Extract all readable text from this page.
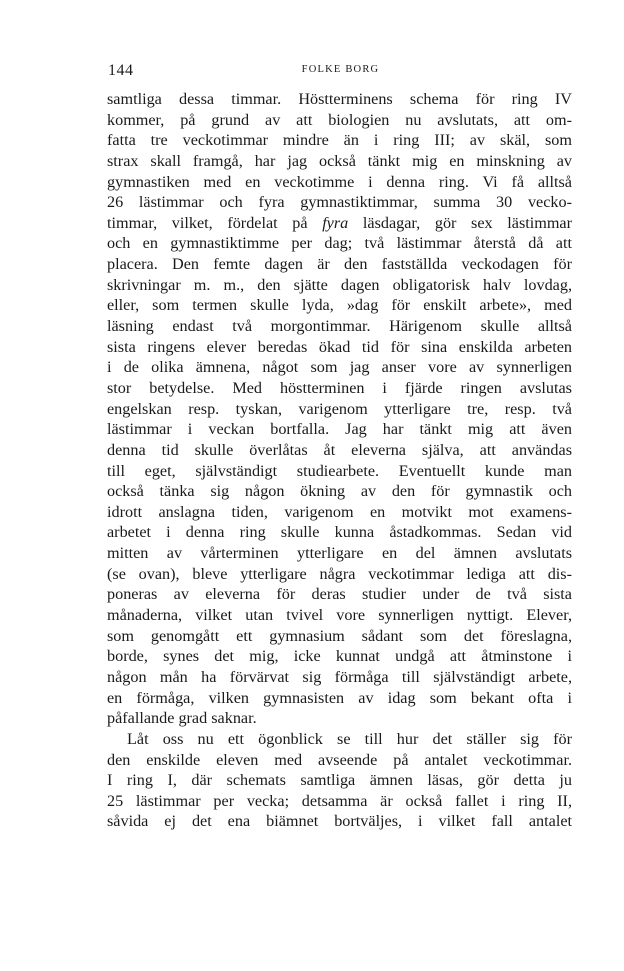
144	FOLKE BORG
samtliga dessa timmar. Höstterminens schema för ring IV
kommer, på grund av att biologien nu avslutats, att om-
fatta tre veckotimmar mindre än i ring III; av skäl, som
strax skall framgå, har jag också tänkt mig en minskning av
gymnastiken med en veckotimme i denna ring. Vi få alltså
26 lästimmar och fyra gymnastiktimmar, summa 30 vecko-
timmar, vilket, fördelat på fyra läsdagar, gör sex lästimmar
och en gymnastiktimme per dag; två lästimmar återstå då att
placera. Den femte dagen är den fastställda veckodagen för
skrivningar m. m., den sjätte dagen obligatorisk halv lovdag,
eller, som termen skulle lyda, »dag för enskilt arbete», med
läsning endast två morgontimmar. Härigenom skulle alltså
sista ringens elever beredas ökad tid för sina enskilda arbeten
i de olika ämnena, något som jag anser vore av synnerligen
stor betydelse. Med höstterminen i fjärde ringen avslutas
engelskan resp. tyskan, varigenom ytterligare tre, resp. två
lästimmar i veckan bortfalla. Jag har tänkt mig att även
denna tid skulle överlåtas åt eleverna själva, att användas
till eget, självständigt studiearbete. Eventuellt kunde man
också tänka sig någon ökning av den för gymnastik och
idrott anslagna tiden, varigenom en motvikt mot examens-
arbetet i denna ring skulle kunna åstadkommas. Sedan vid
mitten av vårterminen ytterligare en del ämnen avslutats
(se ovan), bleve ytterligare några veckotimmar lediga att dis-
poneras av eleverna för deras studier under de två sista
månaderna, vilket utan tvivel vore synnerligen nyttigt. Elever,
som genomgått ett gymnasium sådant som det föreslagna,
borde, synes det mig, icke kunnat undgå att åtminstone i
någon mån ha förvärvat sig förmåga till självständigt arbete,
en förmåga, vilken gymnasisten av idag som bekant ofta i
påfallande grad saknar.
Låt oss nu ett ögonblick se till hur det ställer sig för
den enskilde eleven med avseende på antalet veckotimmar.
I ring I, där schemats samtliga ämnen läsas, gör detta ju
25 lästimmar per vecka; detsamma är också fallet i ring II,
såvida ej det ena biämnet bortväljes, i vilket fall antalet
